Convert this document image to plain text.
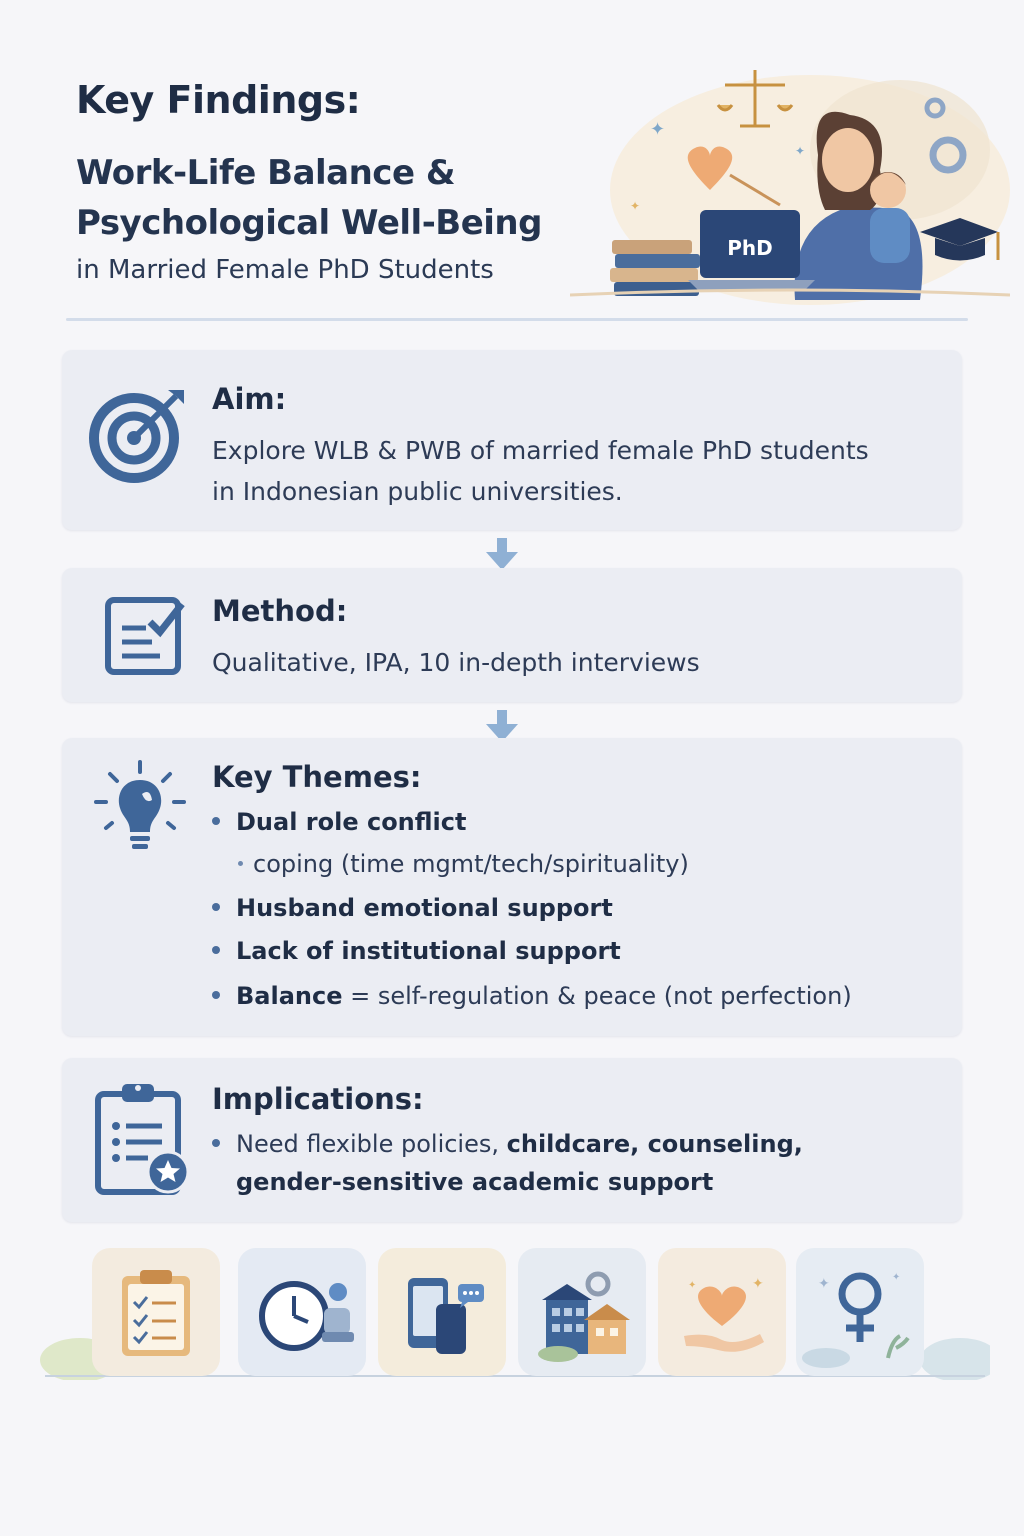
Key Findings:
Work-Life Balance &
Psychological Well-Being
in Married Female PhD Students
✦
✦
✦
PhD
Aim:
Explore WLB & PWB of married female PhD students
in Indonesian public universities.
Method:
Qualitative, IPA, 10 in-depth interviews
Key Themes:
Dual role conflict
coping (time mgmt/tech/spirituality)
Husband emotional support
Lack of institutional support
Balance = self-regulation & peace (not perfection)
Implications:
Need flexible policies, childcare, counseling,
gender-sensitive academic support
✦
✦	✦	✦
